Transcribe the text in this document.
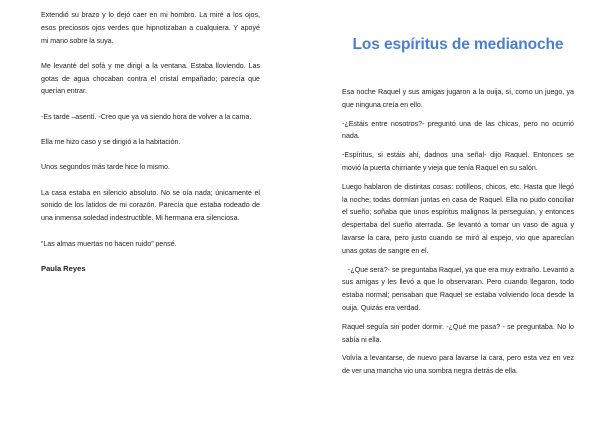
Extendió su brazo y lo dejó caer en mi hombro. La miré a los ojos, esos preciosos ojos verdes que hipnotizaban a cualquiera. Y apoyé mi mano sobre la suya.

Me levanté del sofá y me dirigí a la ventana. Estaba lloviendo. Las gotas de agua chocaban contra el cristal empañado; parecía que querían entrar.

-Es tarde –asentí. -Creo que ya va siendo hora de volver a la cama.

Ella me hizo caso y se dirigió a la habitación.

Unos segundos más tarde hice lo mismo.

La casa estaba en silencio absoluto. No se oía nada; únicamente el sonido de los latidos de mi corazón. Parecía que estaba rodeado de una inmensa soledad indestructible. Mi hermana era silenciosa.

“Las almas muertas no hacen ruido” pensé.

Paula Reyes

Los espíritus de medianoche

Esa noche Raquel y sus amigas jugaron a la ouija, sí, como un juego, ya que ninguna creía en ello.

-¿Estáis entre nosotros?- preguntó una de las chicas, pero no ocurrió nada.

-Espíritus, si estáis ahí, dadnos una señal- dijo Raquel. Entonces se movió la puerta chirriante y vieja que tenía Raquel en su salón.

Luego hablaron de distintas cosas: cotilleos, chicos, etc. Hasta que llegó la noche; todas dormían juntas en casa de Raquel. Ella no pudo conciliar el sueño; soñaba que unos espíritus malignos la perseguían, y entonces despertaba del sueño aterrada. Se levantó a tomar un vaso de agua y lavarse la cara, pero justo cuando se miró al espejo, vio que aparecían unas gotas de sangre en el.

-¿Que será?- se preguntaba Raquel, ya que era muy extraño. Levantó a sus amigas y les llevó a que lo observaran. Pero cuando llegaron, todo estaba normal; pensaban que Raquel se estaba volviendo loca desde la ouija. Quizás era verdad.

Raquel seguía sin poder dormir. -¿Qué me pasa? - se preguntaba. No lo sabía ni ella.

Volvía a levantarse, de nuevo para lavarse la cara, pero esta vez en vez de ver una mancha vio una sombra negra detrás de ella.
